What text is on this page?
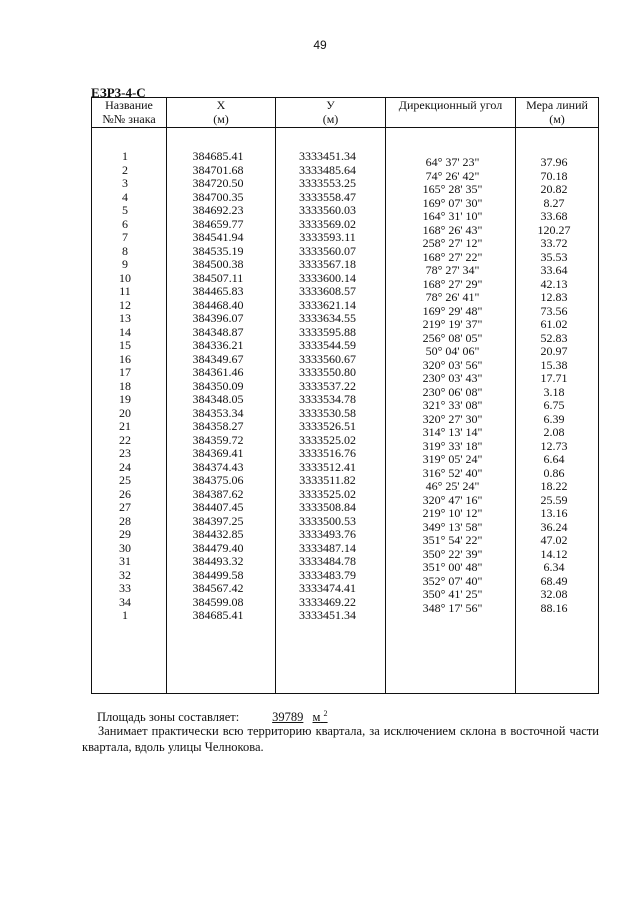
49
ЕЗР3-4-С
Название
№№ знака
1
2
3
4
5
6
7
8
9
10
11
12
13
14
15
16
17
18
19
20
21
22
23
24
25
26
27
28
29
30
31
32
33
34
1
X
(м)
384685.41
384701.68
384720.50
384700.35
384692.23
384659.77
384541.94
384535.19
384500.38
384507.11
384465.83
384468.40
384396.07
384348.87
384336.21
384349.67
384361.46
384350.09
384348.05
384353.34
384358.27
384359.72
384369.41
384374.43
384375.06
384387.62
384407.45
384397.25
384432.85
384479.40
384493.32
384499.58
384567.42
384599.08
384685.41
У
(м)
3333451.34
3333485.64
3333553.25
3333558.47
3333560.03
3333569.02
3333593.11
3333560.07
3333567.18
3333600.14
3333608.57
3333621.14
3333634.55
3333595.88
3333544.59
3333560.67
3333550.80
3333537.22
3333534.78
3333530.58
3333526.51
3333525.02
3333516.76
3333512.41
3333511.82
3333525.02
3333508.84
3333500.53
3333493.76
3333487.14
3333484.78
3333483.79
3333474.41
3333469.22
3333451.34
Дирекционный угол
64° 37' 23"
74° 26' 42"
165° 28' 35"
169° 07' 30"
164° 31' 10"
168° 26' 43"
258° 27' 12"
168° 27' 22"
78° 27' 34"
168° 27' 29"
78° 26' 41"
169° 29' 48"
219° 19' 37"
256° 08' 05"
50° 04' 06"
320° 03' 56"
230° 03' 43"
230° 06' 08"
321° 33' 08"
320° 27' 30"
314° 13' 14"
319° 33' 18"
319° 05' 24"
316° 52' 40"
46° 25' 24"
320° 47' 16"
219° 10' 12"
349° 13' 58"
351° 54' 22"
350° 22' 39"
351° 00' 48"
352° 07' 40"
350° 41' 25"
348° 17' 56"
Мера линий
(м)
37.96
70.18
20.82
8.27
33.68
120.27
33.72
35.53
33.64
42.13
12.83
73.56
61.02
52.83
20.97
15.38
17.71
3.18
6.75
6.39
2.08
12.73
6.64
0.86
18.22
25.59
13.16
36.24
47.02
14.12
6.34
68.49
32.08
88.16
Площадь зоны составляет:	39789 м $^2$
Занимает практически всю территорию квартала, за исключением склона в восточной части квартала, вдоль улицы Челнокова.
